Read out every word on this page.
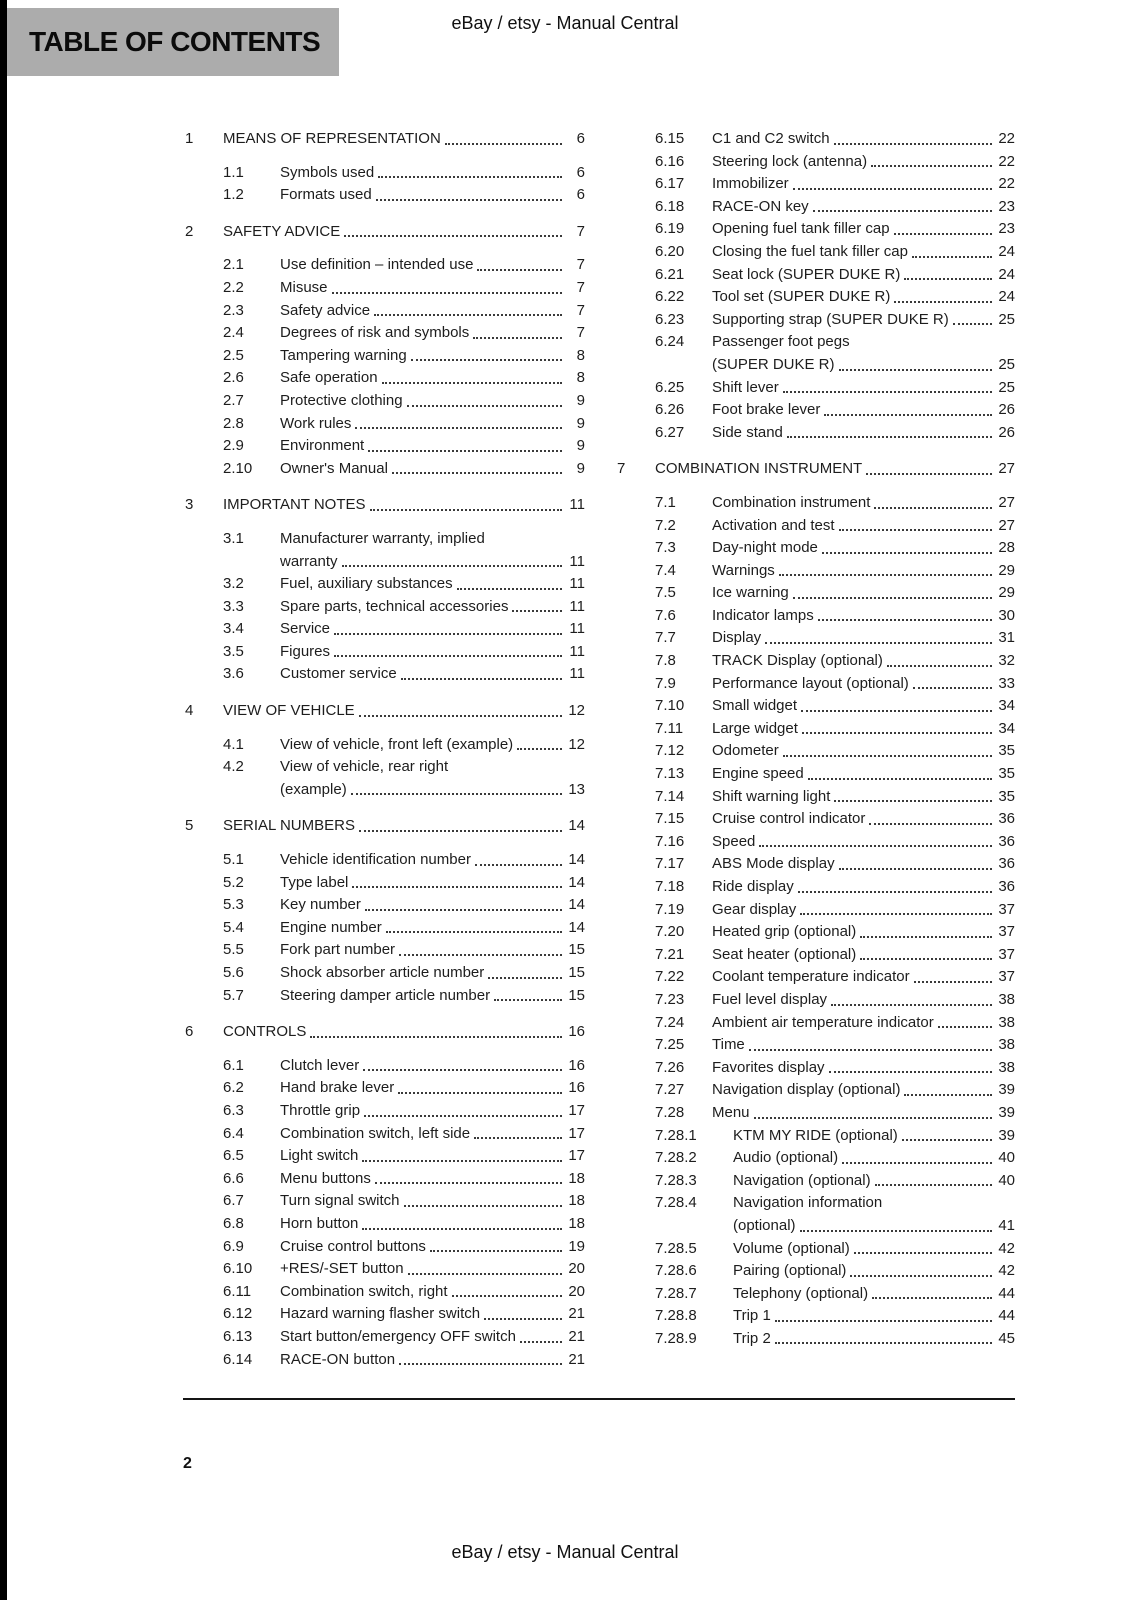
TABLE OF CONTENTS
eBay / etsy - Manual Central
1	MEANS OF REPRESENTATION	6
1.1	Symbols used	6
1.2	Formats used	6
2	SAFETY ADVICE	7
2.1	Use definition – intended use	7
2.2	Misuse	7
2.3	Safety advice	7
2.4	Degrees of risk and symbols	7
2.5	Tampering warning	8
2.6	Safe operation	8
2.7	Protective clothing	9
2.8	Work rules	9
2.9	Environment	9
2.10	Owner's Manual	9
3	IMPORTANT NOTES	11
3.1	Manufacturer warranty, implied
warranty	11
3.2	Fuel, auxiliary substances	11
3.3	Spare parts, technical accessories	11
3.4	Service	11
3.5	Figures	11
3.6	Customer service	11
4	VIEW OF VEHICLE	12
4.1	View of vehicle, front left (example)	12
4.2	View of vehicle, rear right
(example)	13
5	SERIAL NUMBERS	14
5.1	Vehicle identification number	14
5.2	Type label	14
5.3	Key number	14
5.4	Engine number	14
5.5	Fork part number	15
5.6	Shock absorber article number	15
5.7	Steering damper article number	15
6	CONTROLS	16
6.1	Clutch lever	16
6.2	Hand brake lever	16
6.3	Throttle grip	17
6.4	Combination switch, left side	17
6.5	Light switch	17
6.6	Menu buttons	18
6.7	Turn signal switch	18
6.8	Horn button	18
6.9	Cruise control buttons	19
6.10	+RES/-SET button	20
6.11	Combination switch, right	20
6.12	Hazard warning flasher switch	21
6.13	Start button/emergency OFF switch	21
6.14	RACE-ON button	21
6.15	C1 and C2 switch	22
6.16	Steering lock (antenna)	22
6.17	Immobilizer	22
6.18	RACE-ON key	23
6.19	Opening fuel tank filler cap	23
6.20	Closing the fuel tank filler cap	24
6.21	Seat lock (SUPER DUKE R)	24
6.22	Tool set (SUPER DUKE R)	24
6.23	Supporting strap (SUPER DUKE R)	25
6.24	Passenger foot pegs
(SUPER DUKE R)	25
6.25	Shift lever	25
6.26	Foot brake lever	26
6.27	Side stand	26
7	COMBINATION INSTRUMENT	27
7.1	Combination instrument	27
7.2	Activation and test	27
7.3	Day-night mode	28
7.4	Warnings	29
7.5	Ice warning	29
7.6	Indicator lamps	30
7.7	Display	31
7.8	TRACK Display (optional)	32
7.9	Performance layout (optional)	33
7.10	Small widget	34
7.11	Large widget	34
7.12	Odometer	35
7.13	Engine speed	35
7.14	Shift warning light	35
7.15	Cruise control indicator	36
7.16	Speed	36
7.17	ABS Mode display	36
7.18	Ride display	36
7.19	Gear display	37
7.20	Heated grip (optional)	37
7.21	Seat heater (optional)	37
7.22	Coolant temperature indicator	37
7.23	Fuel level display	38
7.24	Ambient air temperature indicator	38
7.25	Time	38
7.26	Favorites display	38
7.27	Navigation display (optional)	39
7.28	Menu	39
7.28.1	KTM MY RIDE (optional)	39
7.28.2	Audio (optional)	40
7.28.3	Navigation (optional)	40
7.28.4	Navigation information
(optional)	41
7.28.5	Volume (optional)	42
7.28.6	Pairing (optional)	42
7.28.7	Telephony (optional)	44
7.28.8	Trip 1	44
7.28.9	Trip 2	45
2
eBay / etsy - Manual Central
